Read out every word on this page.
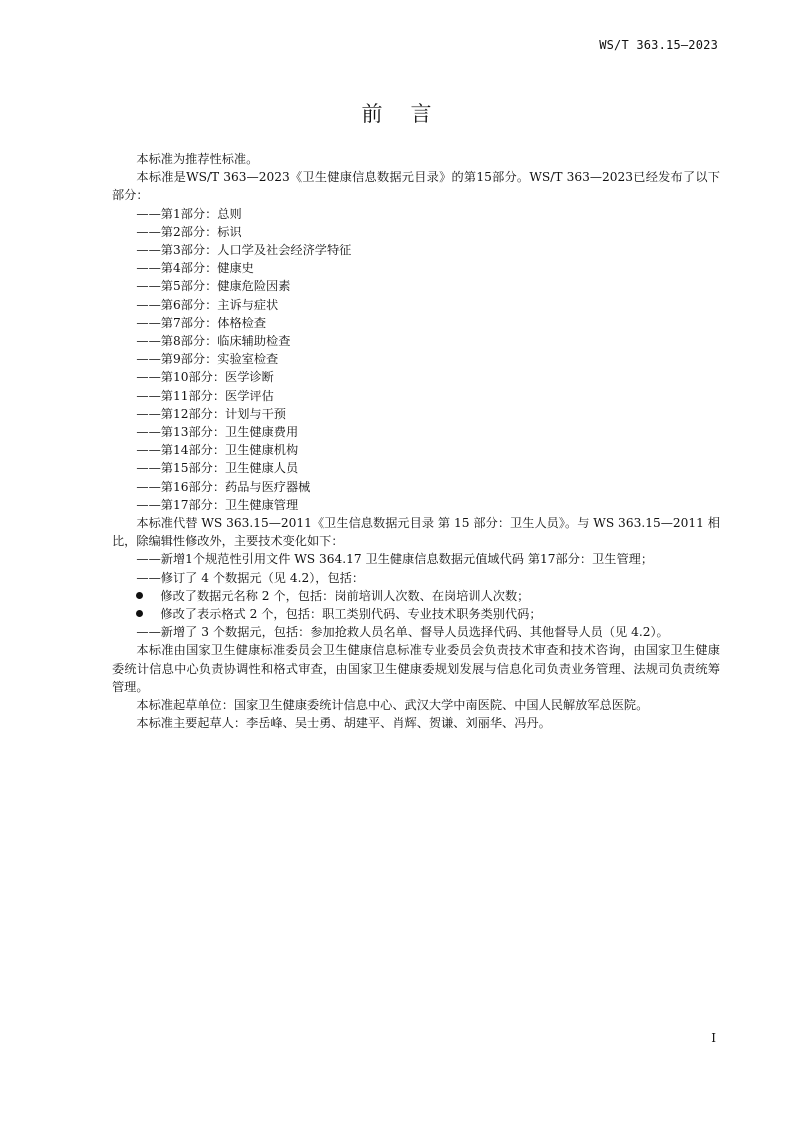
WS/T 363.15—2023
前言

本标准为推荐性标准。

本标准是WS/T 363—2023《卫生健康信息数据元目录》的第15部分。WS/T 363—2023已经发布了以下部分：

——第1部分：总则

——第2部分：标识

——第3部分：人口学及社会经济学特征

——第4部分：健康史

——第5部分：健康危险因素

——第6部分：主诉与症状

——第7部分：体格检查

——第8部分：临床辅助检查

——第9部分：实验室检查

——第10部分：医学诊断

——第11部分：医学评估

——第12部分：计划与干预

——第13部分：卫生健康费用

——第14部分：卫生健康机构

——第15部分：卫生健康人员

——第16部分：药品与医疗器械

——第17部分：卫生健康管理

本标准代替 WS 363.15—2011《卫生信息数据元目录 第 15 部分：卫生人员》。与 WS 363.15—2011 相比，除编辑性修改外，主要技术变化如下：

——新增1个规范性引用文件 WS 364.17 卫生健康信息数据元值域代码 第17部分：卫生管理；

——修订了 4 个数据元（见 4.2），包括：

修改了数据元名称 2 个，包括：岗前培训人次数、在岗培训人次数；

修改了表示格式 2 个，包括：职工类别代码、专业技术职务类别代码；

——新增了 3 个数据元，包括：参加抢救人员名单、督导人员选择代码、其他督导人员（见 4.2）。

本标准由国家卫生健康标准委员会卫生健康信息标准专业委员会负责技术审查和技术咨询，由国家卫生健康委统计信息中心负责协调性和格式审查，由国家卫生健康委规划发展与信息化司负责业务管理、法规司负责统筹管理。

本标准起草单位：国家卫生健康委统计信息中心、武汉大学中南医院、中国人民解放军总医院。

本标准主要起草人：李岳峰、吴士勇、胡建平、肖辉、贺谦、刘丽华、冯丹。

I
